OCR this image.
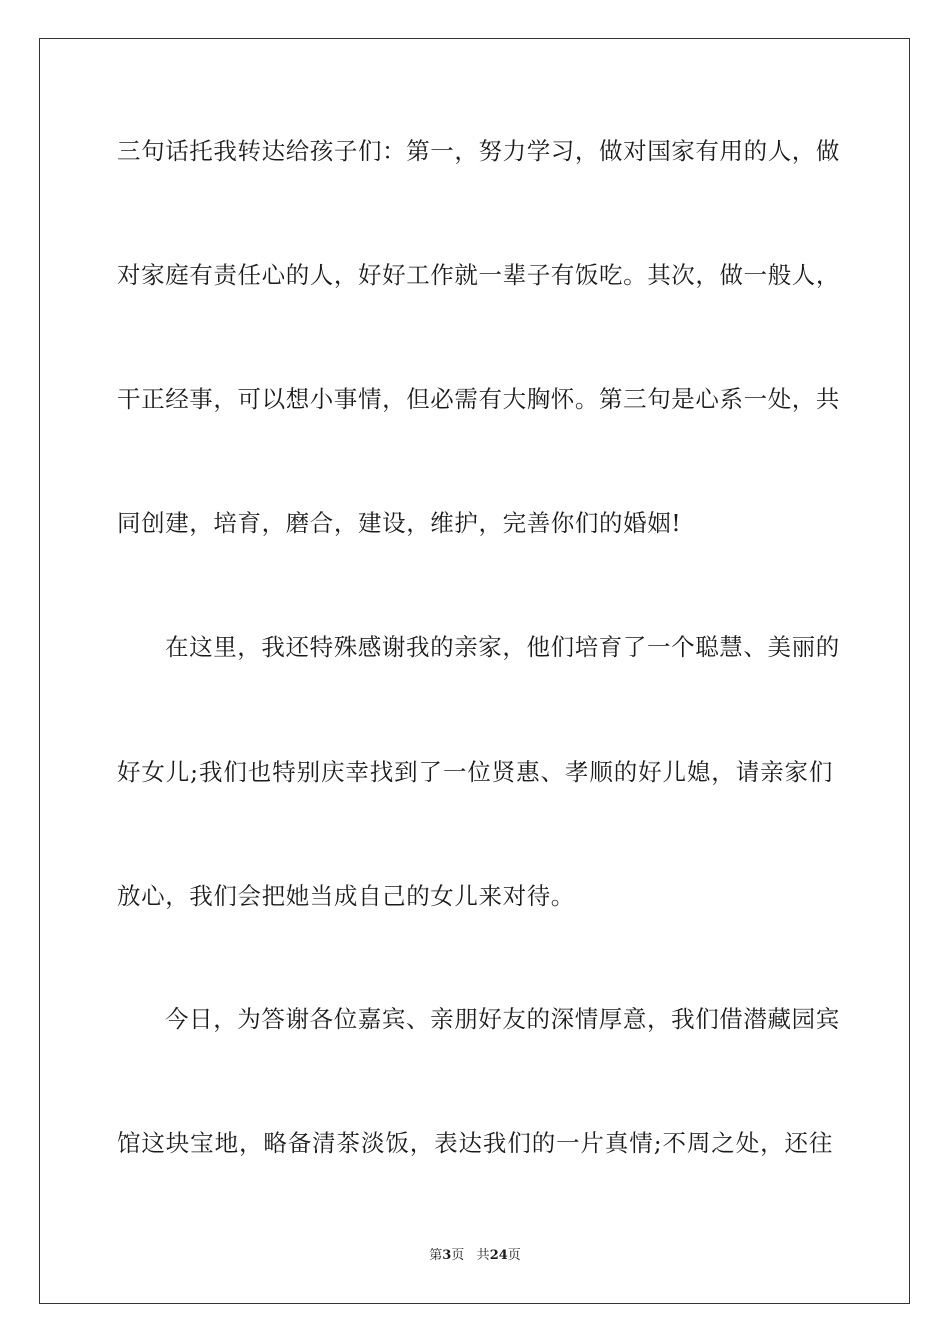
三句话托我转达给孩子们：第一，努力学习，做对国家有用的人，做
对家庭有责任心的人，好好工作就一辈子有饭吃。其次，做一般人，
干正经事，可以想小事情，但必需有大胸怀。第三句是心系一处，共
同创建，培育，磨合，建设，维护，完善你们的婚姻!
在这里，我还特殊感谢我的亲家，他们培育了一个聪慧、美丽的
好女儿;我们也特别庆幸找到了一位贤惠、孝顺的好儿媳，请亲家们
放心，我们会把她当成自己的女儿来对待。
今日，为答谢各位嘉宾、亲朋好友的深情厚意，我们借潜藏园宾
馆这块宝地，略备清茶淡饭，表达我们的一片真情;不周之处，还往
第3页 共24页
